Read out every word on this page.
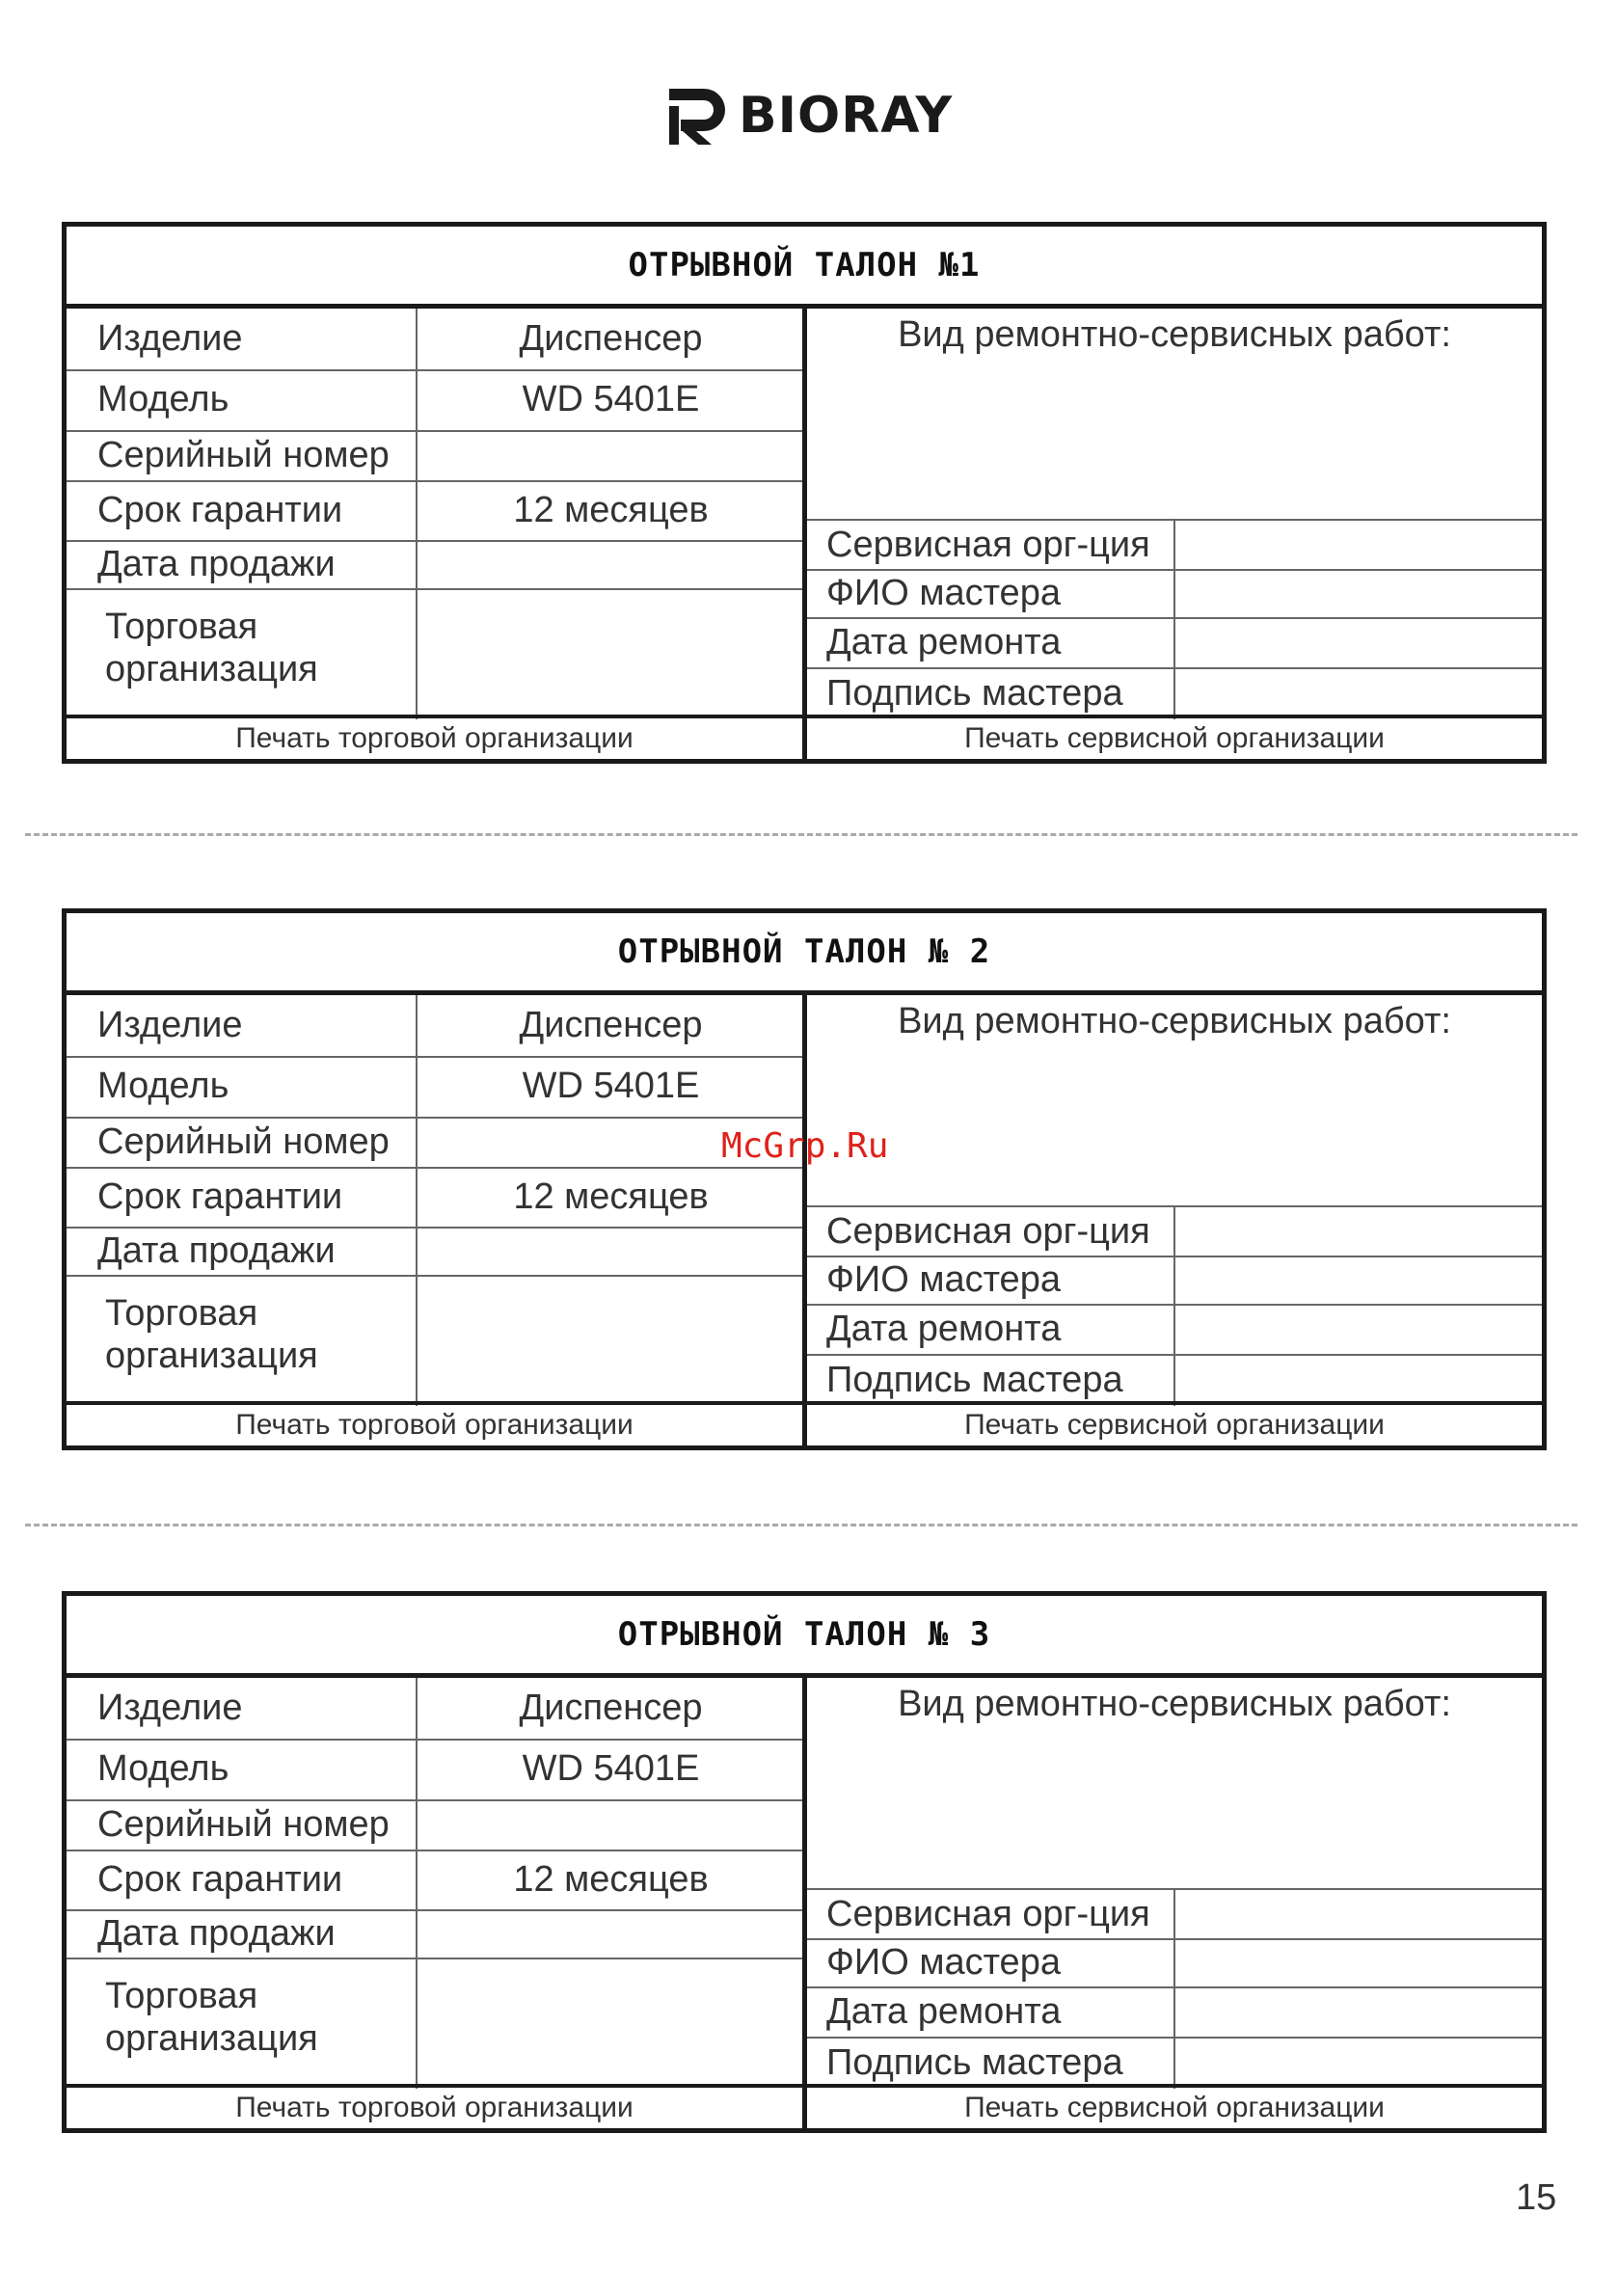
BIORAY
ОТРЫВНОЙ ТАЛОН №1
Изделие	Диспенсер
Модель	WD 5401E
Серийный номер
Срок гарантии	12 месяцев
Дата продажи
Торговая
организация
Печать торговой организации
Вид ремонтно-сервисных работ:
Сервисная орг-ция
ФИО мастера
Дата ремонта
Подпись мастера
Печать сервисной организации
ОТРЫВНОЙ ТАЛОН № 2
Изделие	Диспенсер
Модель	WD 5401E
Серийный номер
Срок гарантии	12 месяцев
Дата продажи
Торговая
организация
Печать торговой организации
Вид ремонтно-сервисных работ:
Сервисная орг-ция
ФИО мастера
Дата ремонта
Подпись мастера
Печать сервисной организации
ОТРЫВНОЙ ТАЛОН № 3
Изделие	Диспенсер
Модель	WD 5401E
Серийный номер
Срок гарантии	12 месяцев
Дата продажи
Торговая
организация
Печать торговой организации
Вид ремонтно-сервисных работ:
Сервисная орг-ция
ФИО мастера
Дата ремонта
Подпись мастера
Печать сервисной организации
McGrp.Ru
15
